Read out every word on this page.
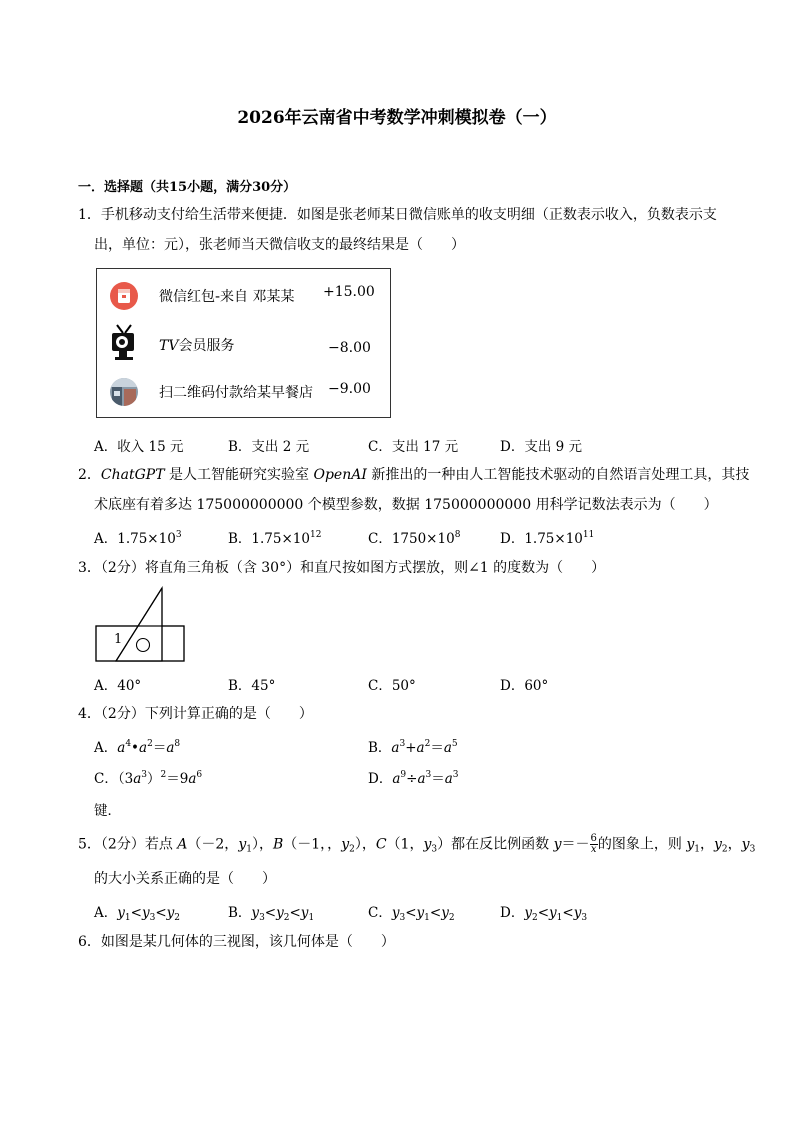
2026年云南省中考数学冲刺模拟卷（一）
一．选择题（共15小题，满分30分）
1．手机移动支付给生活带来便捷．如图是张老师某日微信账单的收支明细（正数表示收入，负数表示支
出，单位：元），张老师当天微信收支的最终结果是（　　）
微信红包-来自 邓某某 +15.00
TV会员服务	−8.00
扫二维码付款给某早餐店 −9.00
A．收入 15 元	B．支出 2 元	C．支出 17 元	D．支出 9 元
2．ChatGPT 是人工智能研究实验室 OpenAI 新推出的一种由人工智能技术驱动的自然语言处理工具，其技
术底座有着多达 175000000000 个模型参数，数据 175000000000 用科学记数法表示为（　　）
A．$1.75\times 10^3$	B．$1.75\times 10^{12}$	C．$1750\times 10^8$	D．$1.75\times 10^{11}$
3．（2分）将直角三角板（含 30°）和直尺按如图方式摆放，则∠1 的度数为（　　）
1
A．40°	B．45°	C．50°	D．60°
4．（2分）下列计算正确的是（　　）
A．$a^4•a^2=a^8$	B．$a^3+a^2=a^5$
C．$(3a^3)^2=9a^6$	D．$a^9\div a^3=a^3$
键．
5．（2分）若点 A（－2，$y_1$），B（－1，，$y_2$），C（1，$y_3$）都在反比例函数 $y=- \frac{6}{x}$ 的图象上，则 $y_1$，$y_2$，$y_3$
的大小关系正确的是（　　）
A．$y_1<y_3<y_2$	B．$y_3<y_2<y_1$	C．$y_3<y_1<y_2$	D．$y_2<y_1<y_3$
6．如图是某几何体的三视图，该几何体是（　　）
